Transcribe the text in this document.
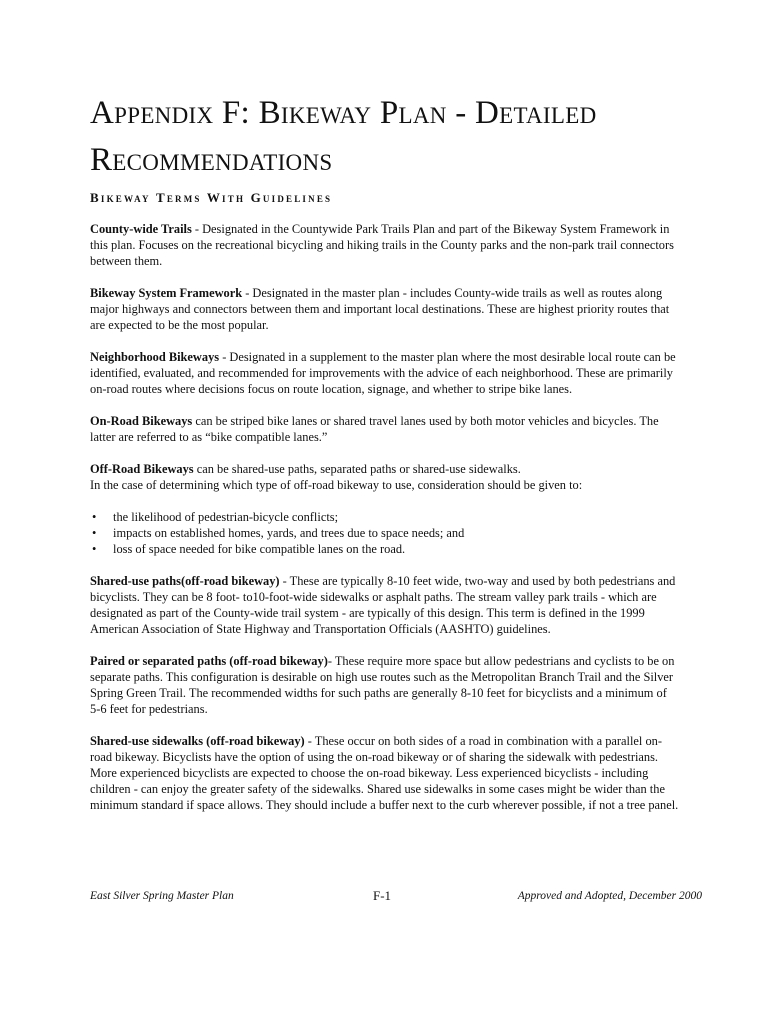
Appendix F: Bikeway Plan - Detailed
Recommendations
Bikeway Terms With Guidelines

County-wide Trails - Designated in the Countywide Park Trails Plan and part of the Bikeway System Framework in this plan. Focuses on the recreational bicycling and hiking trails in the County parks and the non-park trail connectors between them.

Bikeway System Framework - Designated in the master plan - includes County-wide trails as well as routes along major highways and connectors between them and important local destinations. These are highest priority routes that are expected to be the most popular.

Neighborhood Bikeways - Designated in a supplement to the master plan where the most desirable local route can be identified, evaluated, and recommended for improvements with the advice of each neighborhood. These are primarily on-road routes where decisions focus on route location, signage, and whether to stripe bike lanes.

On-Road Bikeways can be striped bike lanes or shared travel lanes used by both motor vehicles and bicycles. The latter are referred to as “bike compatible lanes.”

Off-Road Bikeways can be shared-use paths, separated paths or shared-use sidewalks.
In the case of determining which type of off-road bikeway to use, consideration should be given to:

• the likelihood of pedestrian-bicycle conflicts;
• impacts on established homes, yards, and trees due to space needs; and
• loss of space needed for bike compatible lanes on the road.

Shared-use paths(off-road bikeway) - These are typically 8-10 feet wide, two-way and used by both pedestrians and bicyclists. They can be 8 foot- to10-foot-wide sidewalks or asphalt paths. The stream valley park trails - which are designated as part of the County-wide trail system - are typically of this design. This term is defined in the 1999 American Association of State Highway and Transportation Officials (AASHTO) guidelines.

Paired or separated paths (off-road bikeway)- These require more space but allow pedestrians and cyclists to be on separate paths. This configuration is desirable on high use routes such as the Metropolitan Branch Trail and the Silver Spring Green Trail. The recommended widths for such paths are generally 8-10 feet for bicyclists and a minimum of 5-6 feet for pedestrians.

Shared-use sidewalks (off-road bikeway) - These occur on both sides of a road in combination with a parallel on-road bikeway. Bicyclists have the option of using the on-road bikeway or of sharing the sidewalk with pedestrians. More experienced bicyclists are expected to choose the on-road bikeway. Less experienced bicyclists - including children - can enjoy the greater safety of the sidewalks. Shared use sidewalks in some cases might be wider than the minimum standard if space allows. They should include a buffer next to the curb wherever possible, if not a tree panel.

East Silver Spring Master Plan	F-1	Approved and Adopted, December 2000
